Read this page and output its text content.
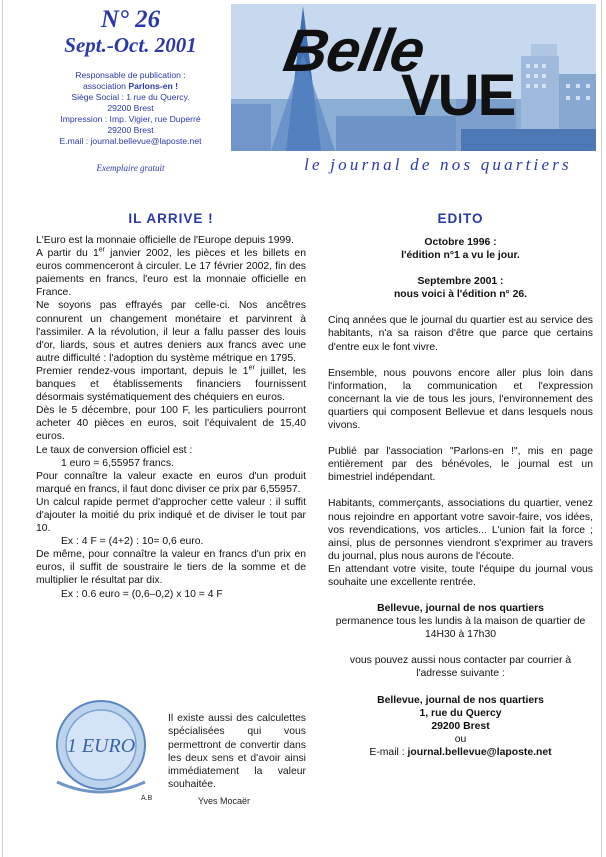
N° 26
Sept.-Oct. 2001
Responsable de publication :
association Parlons-en !
Siège Social : 1 rue du Quercy.
29200 Brest
Impression : Imp. Vigier, rue Duperré
29200 Brest
E.mail : journal.bellevue@laposte.net
Exemplaire gratuit
Belle
VUE
le journal de nos quartiers
IL ARRIVE !	EDITO

L'Euro est la monnaie officielle de l'Europe depuis 1999.

A partir du 1er janvier 2002, les pièces et les billets en euros commenceront à circuler. Le 17 février 2002, fin des paiements en francs, l'euro est la monnaie officielle en France.

Ne soyons pas effrayés par celle-ci. Nos ancêtres connurent un changement monétaire et parvinrent à l'assimiler. A la révolution, il leur a fallu passer des louis d'or, liards, sous et autres deniers aux francs avec une autre difficulté : l'adoption du système métrique en 1795.

Premier rendez-vous important, depuis le 1er juillet, les banques et établissements financiers fournissent désormais systématiquement des chéquiers en euros.

Dès le 5 décembre, pour 100 F, les particuliers pourront acheter 40 pièces en euros, soit l'équivalent de 15,40 euros.

Le taux de conversion officiel est :

1 euro = 6,55957 francs.

Pour connaître la valeur exacte en euros d'un produit marqué en francs, il faut donc diviser ce prix par 6,55957.

Un calcul rapide permet d'approcher cette valeur : il suffit d'ajouter la moitié du prix indiqué et de diviser le tout par 10.

Ex : 4 F = (4+2) : 10= 0,6 euro.

De même, pour connaître la valeur en francs d'un prix en euros, il suffit de soustraire le tiers de la somme et de multiplier le résultat par dix.

Ex : 0.6 euro = (0,6–0,2) x 10 = 4 F

1 EURO
A.B

Il existe aussi des calculettes spécialisées qui vous permettront de convertir dans les deux sens et d'avoir ainsi immédiatement la valeur souhaitée.

Yves Mocaër

Octobre 1996 :

l'édition n°1 a vu le jour.

Septembre 2001 :

nous voici à l'édition n° 26.

Cinq années que le journal du quartier est au service des habitants, n'a sa raison d'être que parce que certains d'entre eux le font vivre.

Ensemble, nous pouvons encore aller plus loin dans l'information, la communication et l'expression concernant la vie de tous les jours, l'environnement des quartiers qui composent Bellevue et dans lesquels nous vivons.

Publié par l'association "Parlons-en !", mis en page entièrement par des bénévoles, le journal est un bimestriel indépendant.

Habitants, commerçants, associations du quartier, venez nous rejoindre en apportant votre savoir-faire, vos idées, vos revendications, vos articles... L'union fait la force ; ainsi, plus de personnes viendront s'exprimer au travers du journal, plus nous aurons de l'écoute.

En attendant votre visite, toute l'équipe du journal vous souhaite une excellente rentrée.

Bellevue, journal de nos quartiers

permanence tous les lundis à la maison de quartier de

14H30 à 17h30

vous pouvez aussi nous contacter par courrier à

l'adresse suivante :

Bellevue, journal de nos quartiers

1, rue du Quercy

29200 Brest

ou

E-mail : journal.bellevue@laposte.net
